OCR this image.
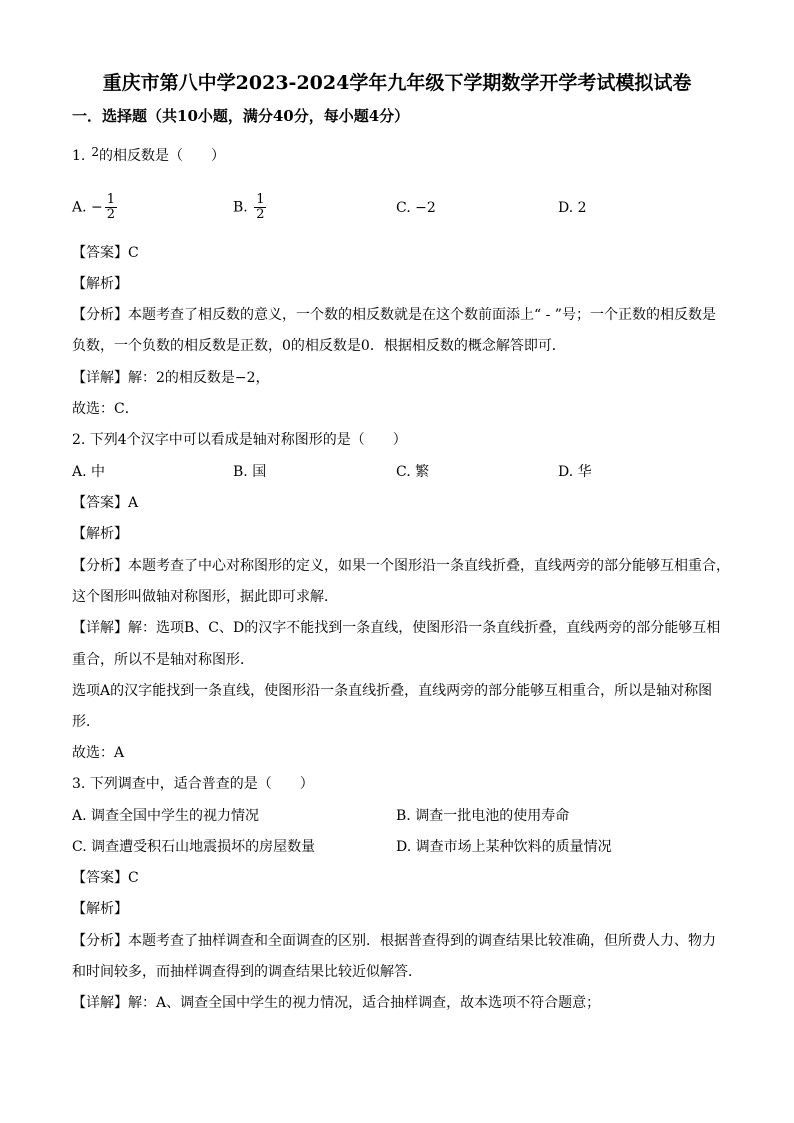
重庆市第八中学2023-2024学年九年级下学期数学开学考试模拟试卷
一．选择题（共10小题，满分40分，每小题4分）
1. 2的相反数是（　　）
A. − $\frac{1}{2}$	B. $\frac{1}{2}$	C. −2	D. 2
【答案】C
【解析】
【分析】本题考查了相反数的意义，一个数的相反数就是在这个数前面添上“ - ”号；一个正数的相反数是
负数，一个负数的相反数是正数，0的相反数是0．根据相反数的概念解答即可．
【详解】解：2的相反数是−2，
故选：C．
2. 下列4个汉字中可以看成是轴对称图形的是（　　）
A. 中	B. 国	C. 繁	D. 华
【答案】A
【解析】
【分析】本题考查了中心对称图形的定义，如果一个图形沿一条直线折叠，直线两旁的部分能够互相重合，
这个图形叫做轴对称图形，据此即可求解．
【详解】解：选项B、C、D的汉字不能找到一条直线，使图形沿一条直线折叠，直线两旁的部分能够互相
重合，所以不是轴对称图形．
选项A的汉字能找到一条直线，使图形沿一条直线折叠，直线两旁的部分能够互相重合，所以是轴对称图
形．
故选：A
3. 下列调查中，适合普查的是（　　）
A. 调查全国中学生的视力情况	B. 调查一批电池的使用寿命
C. 调查遭受积石山地震损坏的房屋数量	D. 调查市场上某种饮料的质量情况
【答案】C
【解析】
【分析】本题考查了抽样调查和全面调查的区别．根据普查得到的调查结果比较准确，但所费人力、物力
和时间较多，而抽样调查得到的调查结果比较近似解答．
【详解】解：A、调查全国中学生的视力情况，适合抽样调查，故本选项不符合题意；
